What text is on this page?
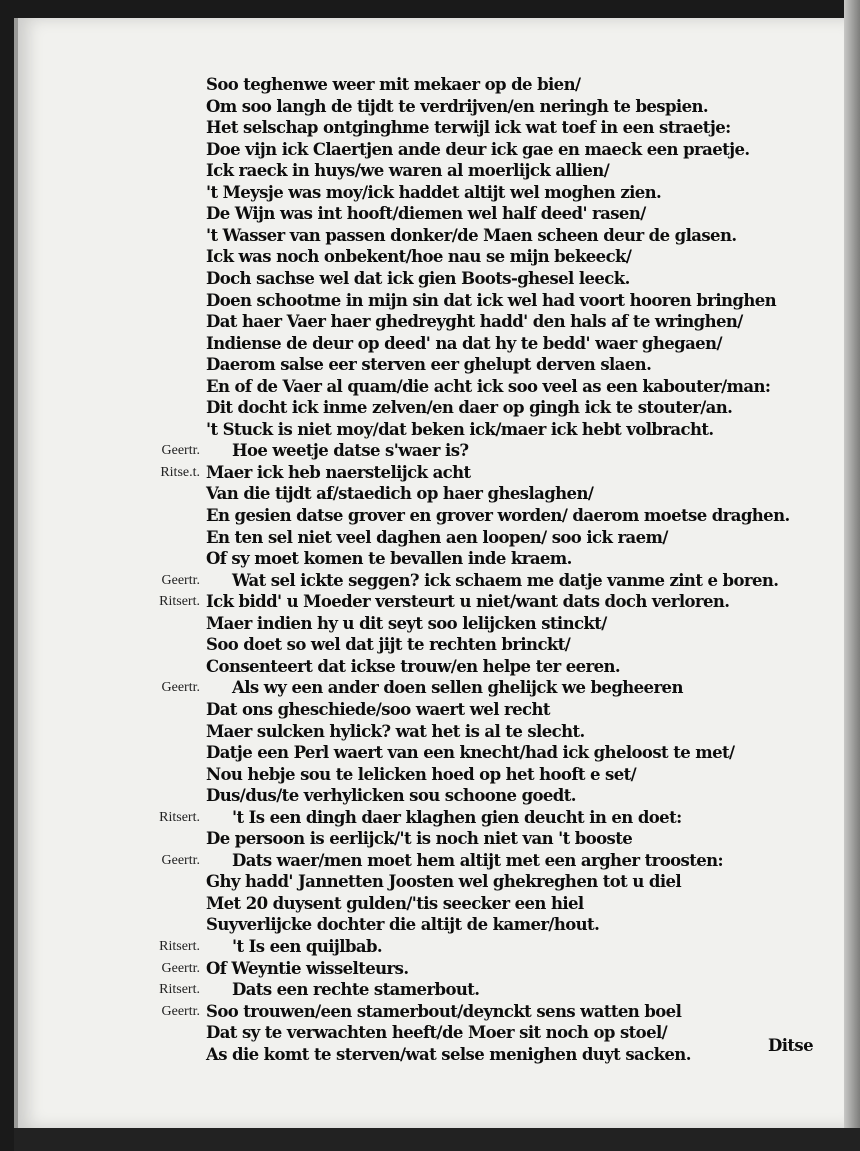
Soo teghenwe weer mit mekaer op de bien/
Om soo langh de tijdt te verdrijven/en neringh te bespien.
Het selschap ontginghme terwijl ick wat toef in een straetje:
Doe vijn ick Claertjen ande deur ick gae en maeck een praetje.
Ick raeck in huys/we waren al moerlijck allien/
't Meysje was moy/ick haddet altijt wel moghen zien.
De Wijn was int hooft/diemen wel half deed' rasen/
't Wasser van passen donker/de Maen scheen deur de glasen.
Ick was noch onbekent/hoe nau se mijn bekeeck/
Doch sachse wel dat ick gien Boots-ghesel leeck.
Doen schootme in mijn sin dat ick wel had voort hooren bringhen
Dat haer Vaer haer ghedreyght hadd' den hals af te wringhen/
Indiense de deur op deed' na dat hy te bedd' waer ghegaen/
Daerom salse eer sterven eer ghelupt derven slaen.
En of de Vaer al quam/die acht ick soo veel as een kabouter/man:
Dit docht ick inme zelven/en daer op gingh ick te stouter/an.
't Stuck is niet moy/dat beken ick/maer ick hebt volbracht.
Geertr. Hoe weetje datse s'waer is?
Ritse.t. Maer ick heb naerstelijck acht
Van die tijdt af/staedich op haer gheslaghen/
En gesien datse grover en grover worden/ daerom moetse draghen.
En ten sel niet veel daghen aen loopen/ soo ick raem/
Of sy moet komen te bevallen inde kraem.
Geertr. Wat sel ickte seggen? ick schaem me datje vanme zint e boren.
Ritsert. Ick bidd' u Moeder versteurt u niet/want dats doch verloren.
Maer indien hy u dit seyt soo lelijcken stinckt/
Soo doet so wel dat jijt te rechten brinckt/
Consenteert dat ickse trouw/en helpe ter eeren.
Geertr. Als wy een ander doen sellen ghelijck we begheeren
Dat ons gheschiede/soo waert wel recht
Maer sulcken hylick? wat het is al te slecht.
Datje een Perl waert van een knecht/had ick gheloost te met/
Nou hebje sou te lelicken hoed op het hooft e set/
Dus/dus/te verhylicken sou schoone goedt.
Ritsert. 't Is een dingh daer klaghen gien deucht in en doet:
De persoon is eerlijck/'t is noch niet van 't booste
Geertr. Dats waer/men moet hem altijt met een argher troosten:
Ghy hadd' Jannetten Joosten wel ghekreghen tot u diel
Met 20 duysent gulden/'tis seecker een hiel
Suyverlijcke dochter die altijt de kamer/hout.
Ritsert. 't Is een quijlbab.
Geertr. Of Weyntie wisselteurs.
Ritsert. Dats een rechte stamerbout.
Geertr. Soo trouwen/een stamerbout/deynckt sens watten boel
Dat sy te verwachten heeft/de Moer sit noch op stoel/
As die komt te sterven/wat selse menighen duyt sacken.	Ditse
